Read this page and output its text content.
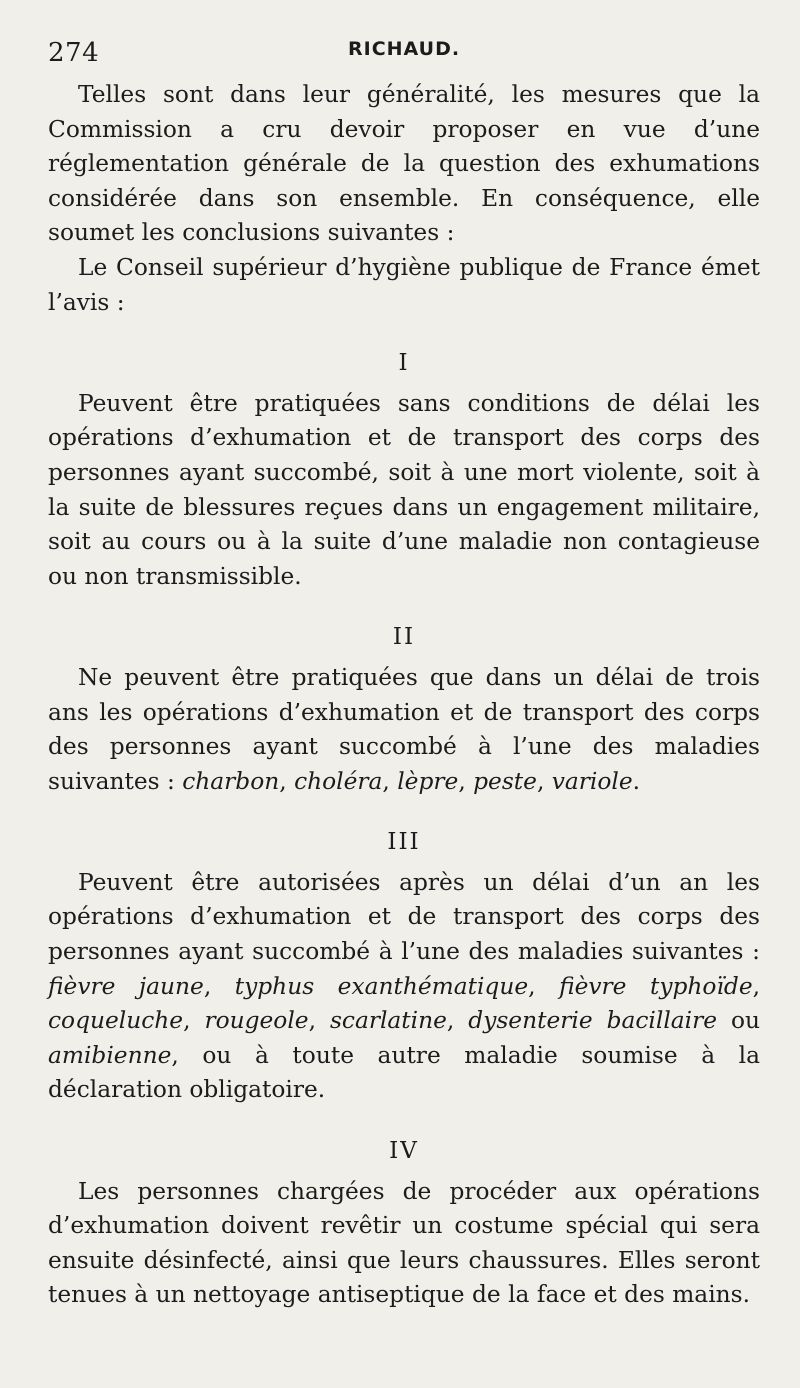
274	RICHAUD.

Telles sont dans leur généralité, les mesures que la Commission a cru devoir proposer en vue d’une réglementation générale de la question des exhumations considérée dans son ensemble. En conséquence, elle soumet les conclusions suivantes :

Le Conseil supérieur d’hygiène publique de France émet l’avis :

I

Peuvent être pratiquées sans conditions de délai les opérations d’exhumation et de transport des corps des personnes ayant succombé, soit à une mort violente, soit à la suite de blessures reçues dans un engagement militaire, soit au cours ou à la suite d’une maladie non contagieuse ou non transmissible.

II

Ne peuvent être pratiquées que dans un délai de trois ans les opérations d’exhumation et de transport des corps des personnes ayant succombé à l’une des maladies suivantes : charbon, choléra, lèpre, peste, variole.

III

Peuvent être autorisées après un délai d’un an les opérations d’exhumation et de transport des corps des personnes ayant succombé à l’une des maladies suivantes : fièvre jaune, typhus exanthématique, fièvre typhoïde, coqueluche, rougeole, scarlatine, dysenterie bacillaire ou amibienne, ou à toute autre maladie soumise à la déclaration obligatoire.

IV

Les personnes chargées de procéder aux opérations d’exhumation doivent revêtir un costume spécial qui sera ensuite désinfecté, ainsi que leurs chaussures. Elles seront tenues à un nettoyage antiseptique de la face et des mains.
